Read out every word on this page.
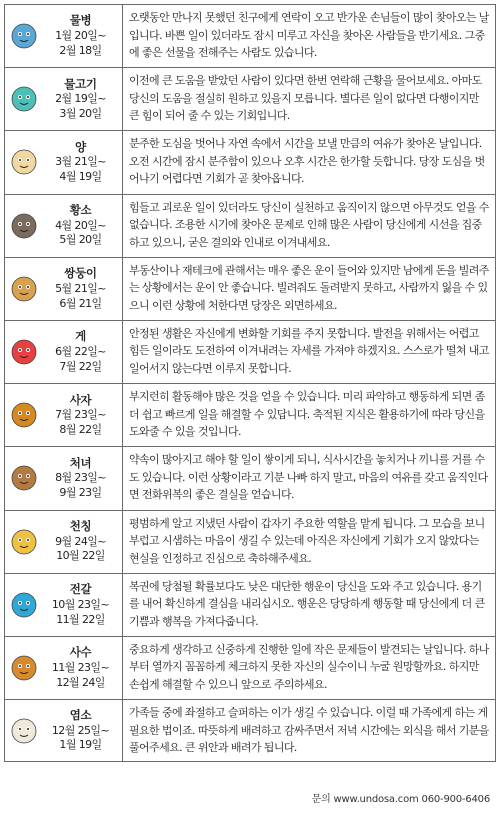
물병
1월 20일~
2월 18일
오랫동안 만나지 못했던 친구에게 연락이 오고 반가운 손님들이 많이 찾아오는 날입니다. 바쁜 일이 있더라도 잠시 미루고 자신을 찾아온 사람들을 반기세요. 그중에 좋은 선물을 전해주는 사람도 있습니다.
물고기
2월 19일~
3월 20일
이전에 큰 도움을 받았던 사람이 있다면 한번 연락해 근황을 물어보세요. 아마도 당신의 도움을 절실히 원하고 있을지 모릅니다. 별다른 일이 없다면 다행이지만 큰 힘이 되어 줄 수 있는 기회입니다.
양
3월 21일~
4월 19일
분주한 도심을 벗어나 자연 속에서 시간을 보낼 만큼의 여유가 찾아온 날입니다. 오전 시간에 잠시 분주함이 있으나 오후 시간은 한가할 듯합니다. 당장 도심을 벗어나기 어렵다면 기회가 곧 찾아옵니다.
황소
4월 20일~
5월 20일
힘들고 괴로운 일이 있더라도 당신이 실천하고 움직이지 않으면 아무것도 얻을 수 없습니다. 조용한 시기에 찾아온 문제로 인해 많은 사람이 당신에게 시선을 집중하고 있으니, 굳은 결의와 인내로 이겨내세요.
쌍둥이
5월 21일~
6월 21일
부동산이나 재테크에 관해서는 매우 좋은 운이 들어와 있지만 남에게 돈을 빌려주는 상황에서는 운이 안 좋습니다. 빌려줘도 돌려받지 못하고, 사람까지 잃을 수 있으니 이런 상황에 처한다면 당장은 외면하세요.
게
6월 22일~
7월 22일
안정된 생활은 자신에게 변화할 기회를 주지 못합니다. 발전을 위해서는 어렵고 힘든 일이라도 도전하여 이겨내려는 자세를 가져야 하겠지요. 스스로가 떨쳐 내고 일어서지 않는다면 이루지 못합니다.
사자
7월 23일~
8월 22일
부지런히 활동해야 많은 것을 얻을 수 있습니다. 미리 파악하고 행동하게 되면 좀 더 쉽고 빠르게 일을 해결할 수 있답니다. 축적된 지식은 활용하기에 따라 당신을 도와줄 수 있을 것입니다.
처녀
8월 23일~
9월 23일
약속이 많아지고 해야 할 일이 쌓이게 되니, 식사시간을 놓치거나 끼니를 거를 수도 있습니다. 이런 상황이라고 기분 나빠 하지 말고, 마음의 여유를 갖고 움직인다면 전화위복의 좋은 결실을 얻습니다.
천칭
9월 24일~
10월 22일
평범하게 알고 지냈던 사람이 갑자기 주요한 역할을 맡게 됩니다. 그 모습을 보니 부럽고 시샘하는 마음이 생길 수 있는데 아직은 자신에게 기회가 오지 않았다는 현실을 인정하고 진심으로 축하해주세요.
전갈
10월 23일~
11월 22일
복권에 당첨될 확률보다도 낮은 대단한 행운이 당신을 도와 주고 있습니다. 용기를 내어 확신하게 결심을 내리십시오. 행운은 당당하게 행동할 때 당신에게 더 큰 기쁨과 행복을 가져다줍니다.
사수
11월 23일~
12월 24일
중요하게 생각하고 신중하게 진행한 일에 작은 문제들이 발견되는 날입니다. 하나부터 열까지 꼼꼼하게 체크하지 못한 자신의 실수이니 누굴 원망할까요. 하지만 손쉽게 해결할 수 있으니 앞으로 주의하세요.
염소
12월 25일~
1월 19일
가족들 중에 좌절하고 슬퍼하는 이가 생길 수 있습니다. 이럴 때 가족에게 하는 게 필요한 법이죠. 따뜻하게 배려하고 감싸주면서 저녁 시간에는 외식을 해서 기분을 풀어주세요. 큰 위안과 배려가 됩니다.
문의 www.undosa.com 060-900-6406
